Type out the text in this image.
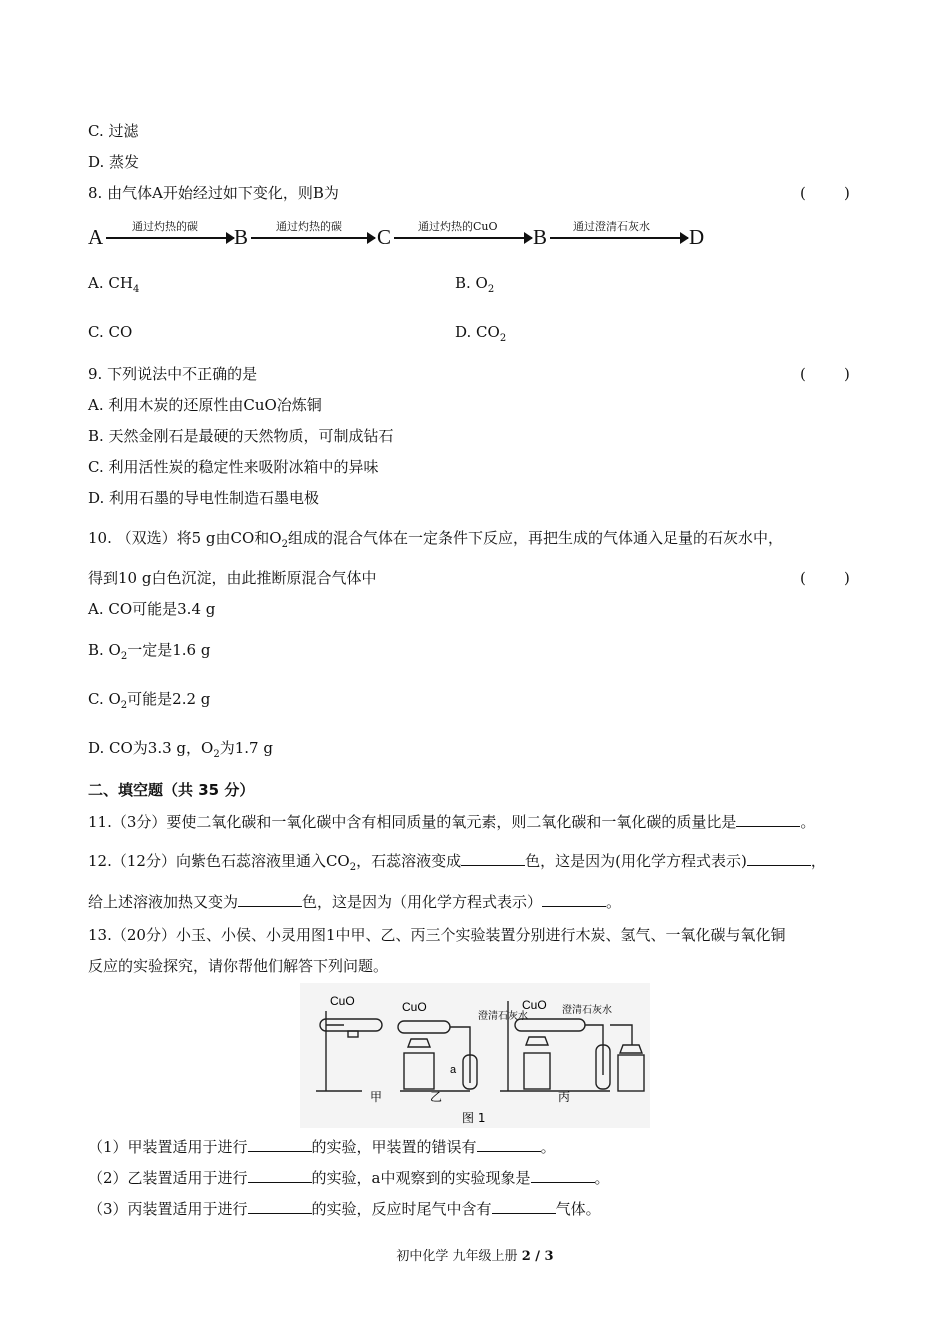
C. 过滤
D. 蒸发
8. 由气体A开始经过如下变化，则B为	(        )
A	通过灼热的碳 B	通过灼热的碳 C 通过灼热的CuO B 通过澄清石灰水 D
A. $CH_4$	B. $O_2$
C. CO	D. $CO_2$
9. 下列说法中不正确的是	(        )
A. 利用木炭的还原性由CuO冶炼铜
B. 天然金刚石是最硬的天然物质，可制成钻石
C. 利用活性炭的稳定性来吸附冰箱中的异味
D. 利用石墨的导电性制造石墨电极
10. （双选）将5 g由CO和$O_2$组成的混合气体在一定条件下反应，再把生成的气体通入足量的石灰水中，
得到10 g白色沉淀，由此推断原混合气体中	(        )
A. CO可能是3.4 g
B. $O_2$一定是1.6 g
C. $O_2$可能是2.2 g
D. CO为3.3 g，$O_2$为1.7 g
二、填空题（共 35 分）
11.（3分）要使二氧化碳和一氧化碳中含有相同质量的氧元素，则二氧化碳和一氧化碳的质量比是	。
12.（12分）向紫色石蕊溶液里通入$CO_2$，石蕊溶液变成	色，这是因为(用化学方程式表示)	，
给上述溶液加热又变为	色，这是因为（用化学方程式表示）	。
13.（20分）小玉、小侯、小灵用图1中甲、乙、丙三个实验装置分别进行木炭、氢气、一氧化碳与氧化铜
反应的实验探究，请你帮他们解答下列问题。
CuO	CuO	CuO
a
甲	乙	丙
图 1
澄清石灰水
澄清石灰水
（1）甲装置适用于进行	的实验，甲装置的错误有	。
（2）乙装置适用于进行	的实验，a中观察到的实验现象是	。
（3）丙装置适用于进行	的实验，反应时尾气中含有	气体。
初中化学 九年级上册 2 / 3
